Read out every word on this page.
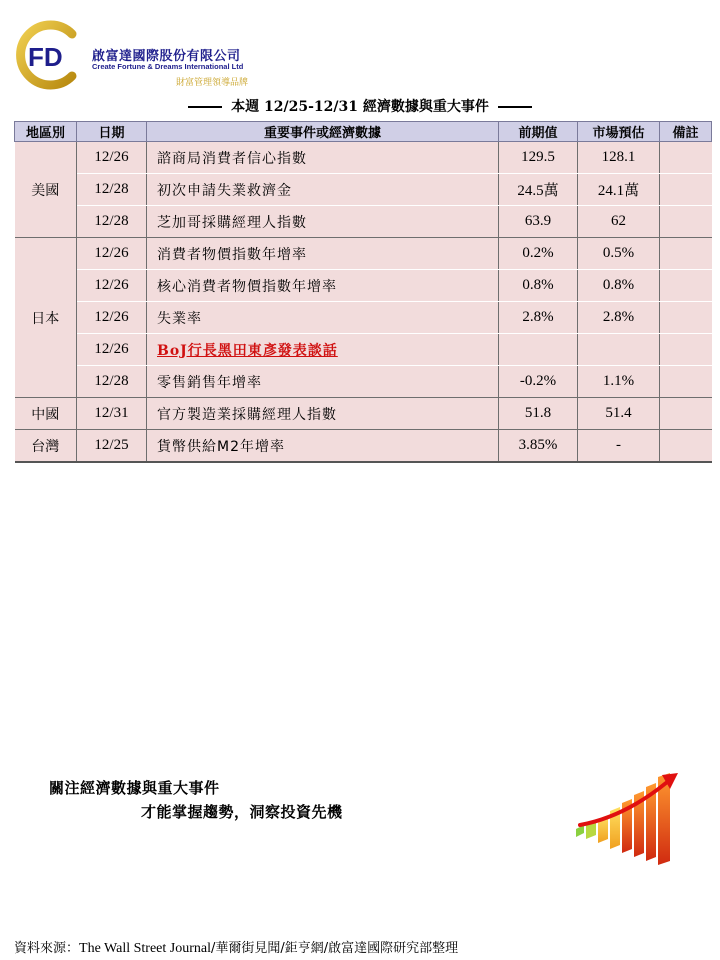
FD 啟富達國際股份有限公司
Create Fortune & Dreams International Ltd
財富管理領導品牌
本週 12/25-12/31 經濟數據與重大事件
地區別	日期	重要事件或經濟數據	前期值	市場預估	備註
美國	12/26	諮商局消費者信心指數	129.5	128.1	
	12/28	初次申請失業救濟金	24.5萬	24.1萬	
	12/28	芝加哥採購經理人指數	63.9	62	
日本	12/26	消費者物價指數年增率	0.2%	0.5%	
	12/26	核心消費者物價指數年增率	0.8%	0.8%	
	12/26	失業率	2.8%	2.8%	
	12/26	BoJ行長黑田東彥發表談話			
	12/28	零售銷售年增率	-0.2%	1.1%	
中國	12/31	官方製造業採購經理人指數	51.8	51.4	
台灣	12/25	貨幣供給M2年增率	3.85%	-	
關注經濟數據與重大事件
才能掌握趨勢，洞察投資先機
資料來源：The Wall Street Journal/華爾街見聞/鉅亨網/啟富達國際研究部整理
